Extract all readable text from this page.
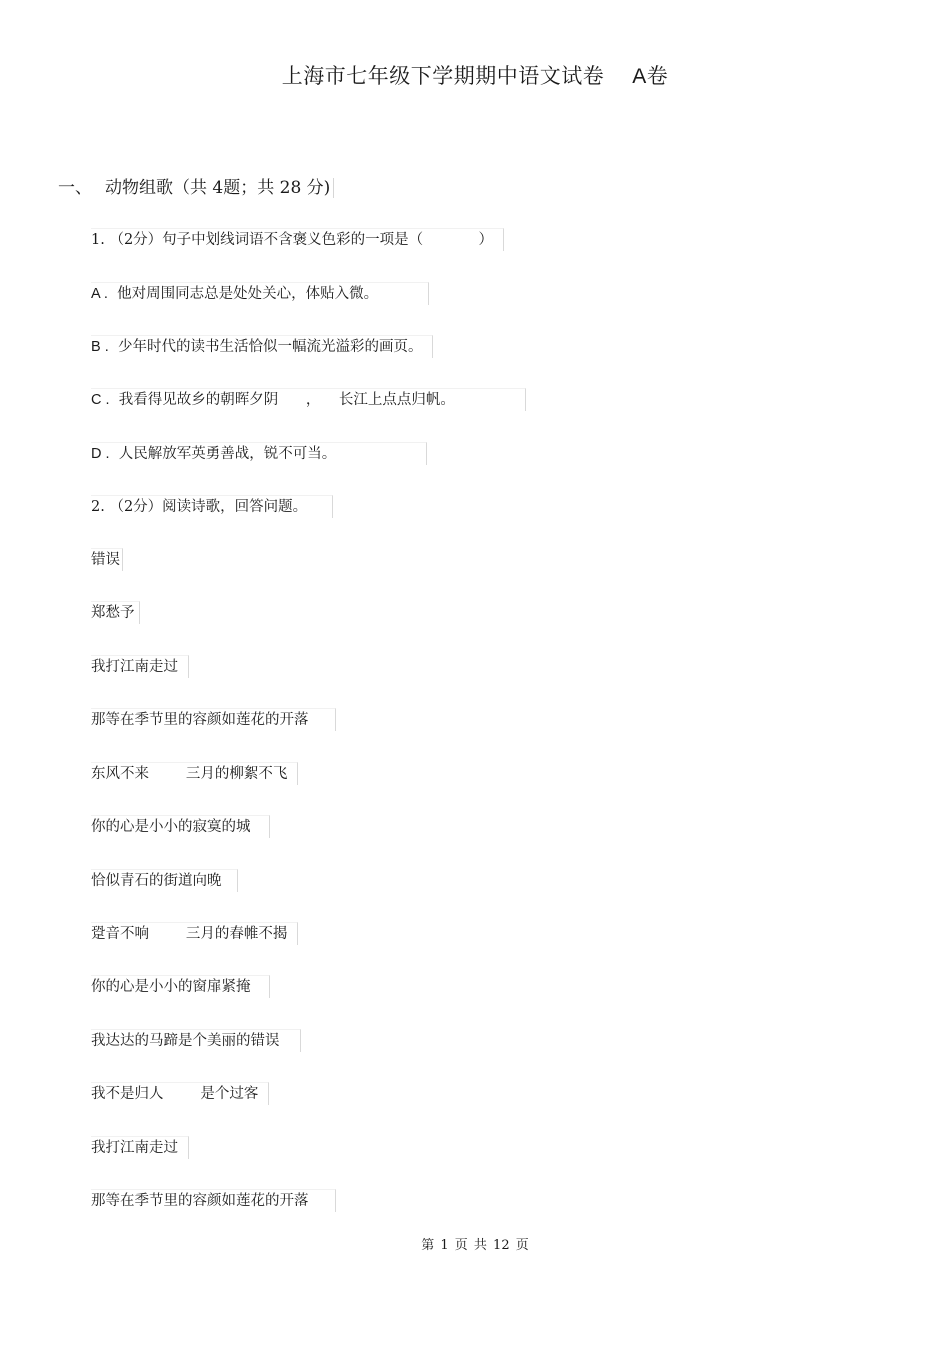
上海市七年级下学期期中语文试卷 A卷
一、 动物组歌（共 4题；共 28 分)
1. （2分）句子中划线词语不含褒义色彩的一项是（            ）
A . 他对周围同志总是处处关心，体贴入微。
B . 少年时代的读书生活恰似一幅流光溢彩的画页。
C . 我看得见故乡的朝晖夕阴      ，    长江上点点归帆。
D . 人民解放军英勇善战，锐不可当。
2. （2分）阅读诗歌，回答问题。
错误
郑愁予
我打江南走过
那等在季节里的容颜如莲花的开落
东风不来        三月的柳絮不飞
你的心是小小的寂寞的城
恰似青石的街道向晚
跫音不响        三月的春帷不揭
你的心是小小的窗扉紧掩
我达达的马蹄是个美丽的错误
我不是归人        是个过客
我打江南走过
那等在季节里的容颜如莲花的开落
第 1 页 共 12 页
